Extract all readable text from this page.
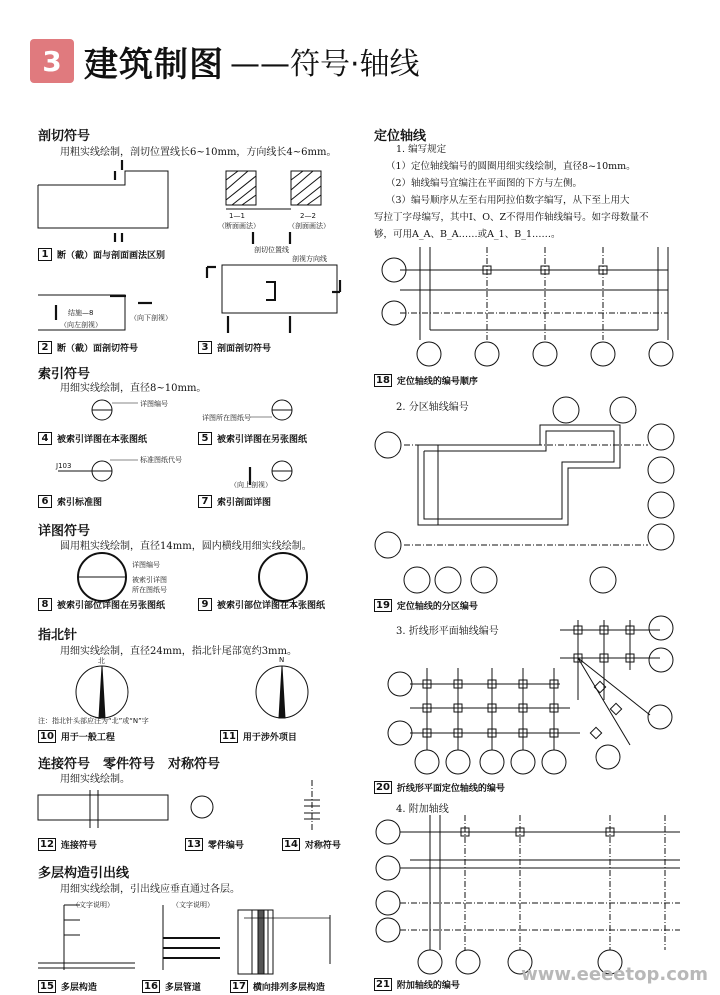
3 建筑制图 ——符号·轴线
剖切符号
用粗实线绘制，剖切位置线长6~10mm，方向线长4~6mm。
1—1
（断面画法）
2—2
（剖面画法）
剖切位置线
剖视方向线
1 断（截）面与剖面画法区别
结施—8
（向左剖视）
（向下剖视）
2 断（截）面剖切符号	3 剖面剖切符号
索引符号
用细实线绘制，直径8~10mm。
详图编号
详图所在图纸号
4 被索引详图在本张图纸	5 被索引详图在另张图纸
标准图纸代号
J103
（向上剖视）
6 索引标准图	7 索引剖面详图
详图符号
圆用粗实线绘制，直径14mm，圆内横线用细实线绘制。
详图编号
被索引详图
所在图纸号
8 被索引部位详图在另张图纸	9 被索引部位详图在本张图纸
指北针
用细实线绘制，直径24mm，指北针尾部宽约3mm。
北	N
注：指北针头部应注为“北”或“N”字
10 用于一般工程	11 用于涉外项目
连接符号　零件符号　对称符号
用细实线绘制。
12 连接符号	13 零件编号	14 对称符号
多层构造引出线
用细实线绘制，引出线应垂直通过各层。
（文字说明）	（文字说明）
15 多层构造	16 多层管道	17 横向排列多层构造
定位轴线
1. 编写规定
（1）定位轴线编号的圆圈用细实线绘制，直径8~10mm。
（2）轴线编号宜编注在平面图的下方与左侧。
（3）编号顺序从左至右用阿拉伯数字编写，从下至上用大
写拉丁字母编写，其中I、O、Z不得用作轴线编号。如字母数量不
够，可用A_A、B_A……或A_1、B_1……。
18 定位轴线的编号顺序
2. 分区轴线编号
19 定位轴线的分区编号
3. 折线形平面轴线编号
20 折线形平面定位轴线的编号
4. 附加轴线
21 附加轴线的编号
www.eeeetop.com
